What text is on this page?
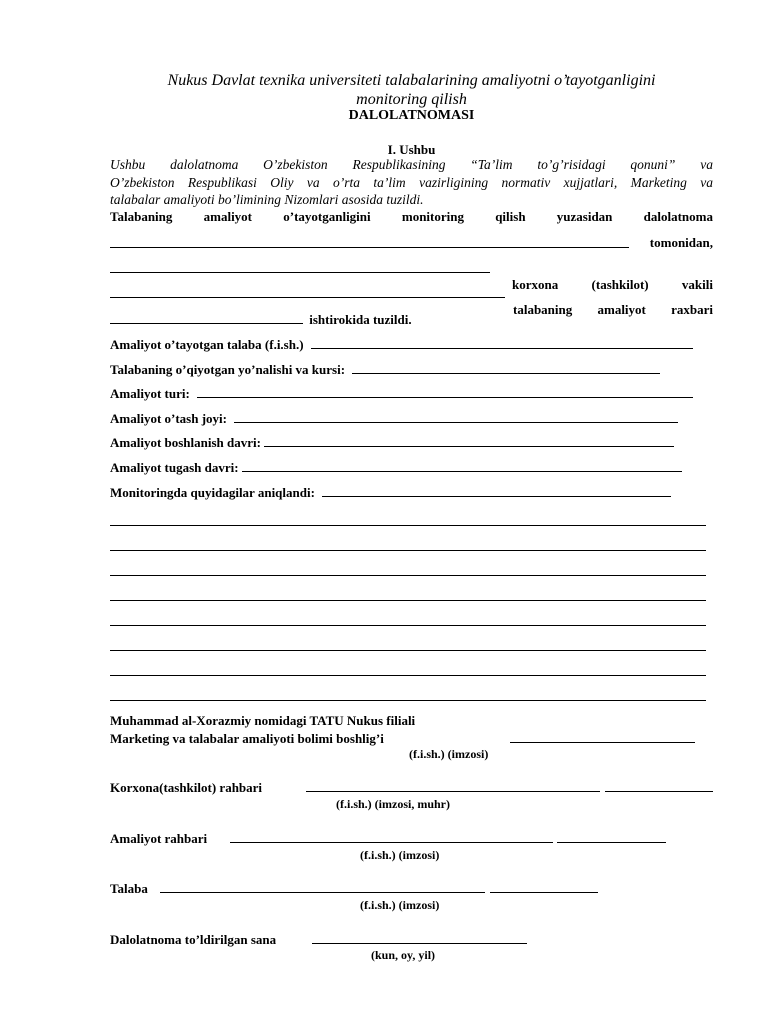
Nukus Davlat texnika universiteti talabalarining amaliyotni o’tayotganligini
monitoring qilish
DALOLATNOMASI
I. Ushbu
Ushbu dalolatnoma O’zbekiston Respublikasining “Ta’lim to’g’risidagi qonuni” va
O’zbekiston Respublikasi Oliy va o’rta ta’lim vazirligining normativ xujjatlari, Marketing va
talabalar amaliyoti bo’limining Nizomlari asosida tuzildi.
Talabaning amaliyot o’tayotganligini monitoring qilish yuzasidan dalolatnoma
tomonidan,
korxona	(tashkilot)	vakili
talabaning amaliyot raxbari
ishtirokida tuzildi.
Amaliyot o’tayotgan talaba (f.i.sh.)
Talabaning o’qiyotgan yo’nalishi va kursi:
Amaliyot turi:
Amaliyot o’tash joyi:
Amaliyot boshlanish davri:
Amaliyot tugash davri:
Monitoringda quyidagilar aniqlandi:
Muhammad al-Xorazmiy nomidagi TATU Nukus filiali
Marketing va talabalar amaliyoti bolimi boshlig’i
(f.i.sh.) (imzosi)
Korxona(tashkilot) rahbari
(f.i.sh.) (imzosi, muhr)
Amaliyot rahbari
(f.i.sh.) (imzosi)
Talaba
(f.i.sh.) (imzosi)
Dalolatnoma to’ldirilgan sana
(kun, oy, yil)
